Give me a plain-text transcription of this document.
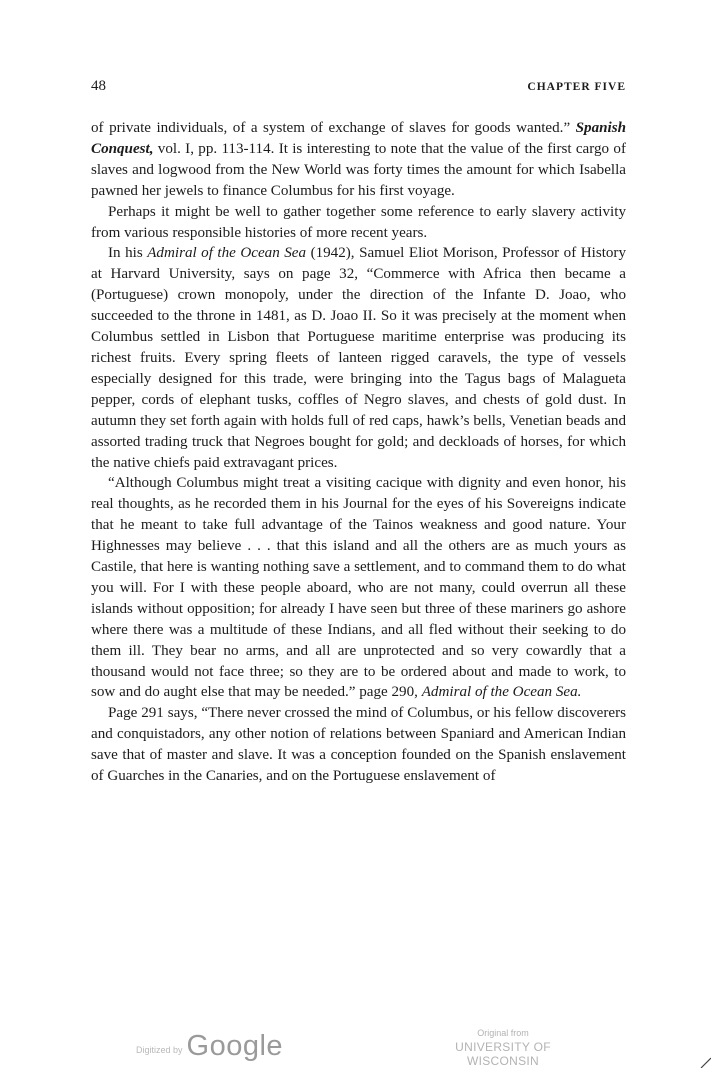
48	CHAPTER FIVE

of private individuals, of a system of exchange of slaves for goods wanted.” Spanish Conquest, vol. I, pp. 113-114. It is interesting to note that the value of the first cargo of slaves and logwood from the New World was forty times the amount for which Isabella pawned her jewels to finance Columbus for his first voyage.

Perhaps it might be well to gather together some reference to early slavery activity from various responsible histories of more recent years.

In his Admiral of the Ocean Sea (1942), Samuel Eliot Morison, Professor of History at Harvard University, says on page 32, “Commerce with Africa then became a (Portuguese) crown monopoly, under the direction of the Infante D. Joao, who succeeded to the throne in 1481, as D. Joao II. So it was precisely at the moment when Columbus settled in Lisbon that Portuguese maritime enterprise was producing its richest fruits. Every spring fleets of lanteen rigged caravels, the type of vessels especially designed for this trade, were bringing into the Tagus bags of Malagueta pepper, cords of elephant tusks, coffles of Negro slaves, and chests of gold dust. In autumn they set forth again with holds full of red caps, hawk’s bells, Venetian beads and assorted trading truck that Negroes bought for gold; and deckloads of horses, for which the native chiefs paid extravagant prices.

“Although Columbus might treat a visiting cacique with dignity and even honor, his real thoughts, as he recorded them in his Journal for the eyes of his Sovereigns indicate that he meant to take full advantage of the Tainos weakness and good nature. Your Highnesses may believe . . . that this island and all the others are as much yours as Castile, that here is wanting nothing save a settlement, and to command them to do what you will. For I with these people aboard, who are not many, could overrun all these islands without opposition; for already I have seen but three of these mariners go ashore where there was a multitude of these Indians, and all fled without their seeking to do them ill. They bear no arms, and all are unprotected and so very cowardly that a thousand would not face three; so they are to be ordered about and made to work, to sow and do aught else that may be needed.” page 290, Admiral of the Ocean Sea.

Page 291 says, “There never crossed the mind of Columbus, or his fellow discoverers and conquistadors, any other notion of relations between Spaniard and American Indian save that of master and slave. It was a conception founded on the Spanish enslavement of Guarches in the Canaries, and on the Portuguese enslavement of

Digitized by Google	Original from
UNIVERSITY OF WISCONSIN
